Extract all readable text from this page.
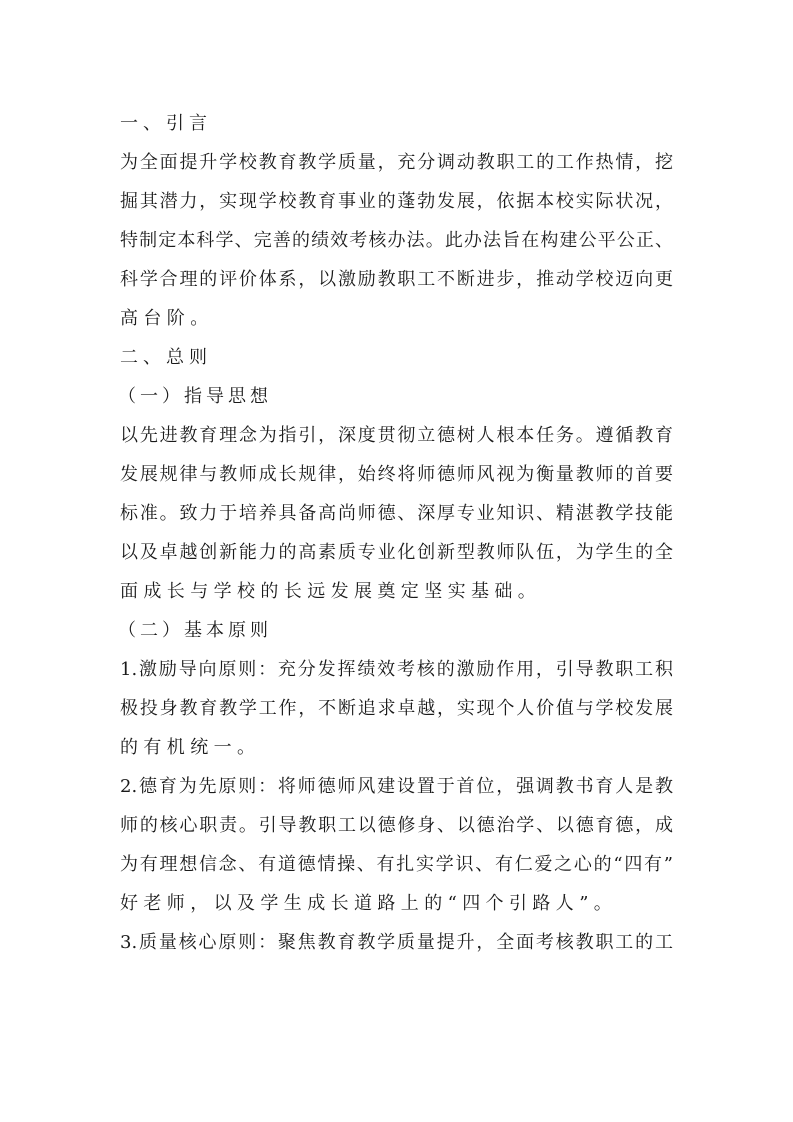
一、引言
为全面提升学校教育教学质量，充分调动教职工的工作热情，挖
掘其潜力，实现学校教育事业的蓬勃发展，依据本校实际状况，
特制定本科学、完善的绩效考核办法。此办法旨在构建公平公正、
科学合理的评价体系，以激励教职工不断进步，推动学校迈向更
高台阶。
二、总则
（一）指导思想
以先进教育理念为指引，深度贯彻立德树人根本任务。遵循教育
发展规律与教师成长规律，始终将师德师风视为衡量教师的首要
标准。致力于培养具备高尚师德、深厚专业知识、精湛教学技能
以及卓越创新能力的高素质专业化创新型教师队伍，为学生的全
面成长与学校的长远发展奠定坚实基础。
（二）基本原则
1.激励导向原则：充分发挥绩效考核的激励作用，引导教职工积
极投身教育教学工作，不断追求卓越，实现个人价值与学校发展
的有机统一。
2.德育为先原则：将师德师风建设置于首位，强调教书育人是教
师的核心职责。引导教职工以德修身、以德治学、以德育德，成
为有理想信念、有道德情操、有扎实学识、有仁爱之心的“四有”
好老师，以及学生成长道路上的“四个引路人”。
3.质量核心原则：聚焦教育教学质量提升，全面考核教职工的工
